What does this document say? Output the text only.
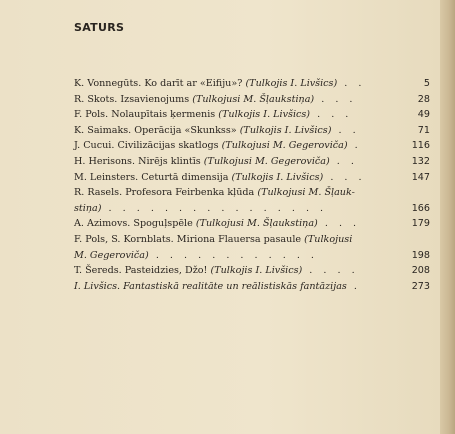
SATURS
K. Vonnegūts. Ko darīt ar «Eifiju»? (Tulkojis I. Livšics) . .	5
R. Skots. Izsavienojums (Tulkojusi M. Šļaukstiņa) . . .	28
F. Pols. Nolaupītais ķermenis (Tulkojis I. Livšics) . . .	49
K. Saimaks. Operācija «Skunkss» (Tulkojis I. Livšics) . .	71
J. Cucui. Civilizācijas skatlogs (Tulkojusi M. Gegeroviča) .	116
H. Herisons. Nirējs klintīs (Tulkojusi M. Gegeroviča) . .	132
M. Leinsters. Ceturtā dimensija (Tulkojis I. Livšics) . . .	147
R. Rasels. Profesora Feirbenka kļūda (Tulkojusi M. Šļauk-
stiņa) . . . . . . . . . . . . . . . .	166
A. Azimovs. Spoguļspēle (Tulkojusi M. Šļaukstiņa) . . .	179
F. Pols, S. Kornblats. Miriona Flauersa pasaule (Tulkojusi
M. Gegeroviča) . . . . . . . . . . . .	198
T. Šereds. Pasteidzies, Džo! (Tulkojis I. Livšics) . . . .	208
I. Livšics. Fantastiskā realitāte un reālistiskās fantāzijas .	273
